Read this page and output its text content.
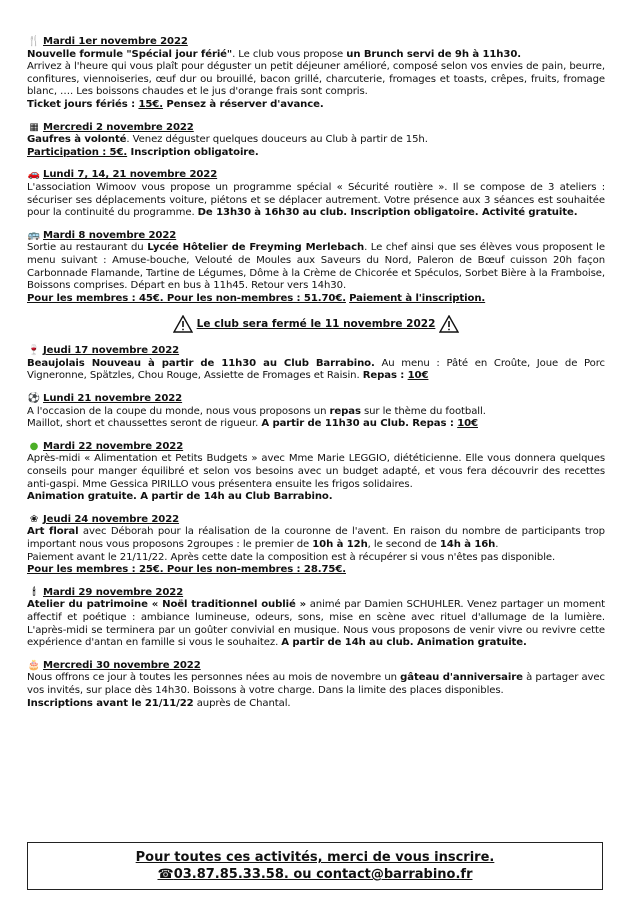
🍴 Mardi 1er novembre 2022
Nouvelle formule "Spécial jour férié". Le club vous propose un Brunch servi de 9h à 11h30.
Arrivez à l'heure qui vous plaît pour déguster un petit déjeuner amélioré, composé selon vos envies de pain, beurre, confitures, viennoiseries, œuf dur ou brouillé, bacon grillé, charcuterie, fromages et toasts, crêpes, fruits, fromage blanc, …. Les boissons chaudes et le jus d'orange frais sont compris.
Ticket jours fériés : 15€. Pensez à réserver d'avance.
▦ Mercredi 2 novembre 2022
Gaufres à volonté. Venez déguster quelques douceurs au Club à partir de 15h.
Participation : 5€. Inscription obligatoire.
🚗 Lundi 7, 14, 21 novembre 2022
L'association Wimoov vous propose un programme spécial « Sécurité routière ». Il se compose de 3 ateliers : sécuriser ses déplacements voiture, piétons et se déplacer autrement. Votre présence aux 3 séances est souhaitée pour la continuité du programme. De 13h30 à 16h30 au club. Inscription obligatoire. Activité gratuite.
🚌 Mardi 8 novembre 2022
Sortie au restaurant du Lycée Hôtelier de Freyming Merlebach. Le chef ainsi que ses élèves vous proposent le menu suivant : Amuse-bouche, Velouté de Moules aux Saveurs du Nord, Paleron de Bœuf cuisson 20h façon Carbonnade Flamande, Tartine de Légumes, Dôme à la Crème de Chicorée et Spéculos, Sorbet Bière à la Framboise, Boissons comprises. Départ en bus à 11h45. Retour vers 14h30.
Pour les membres : 45€. Pour les non-membres : 51.70€. Paiement à l'inscription.
Le club sera fermé le 11 novembre 2022
🍷 Jeudi 17 novembre 2022
Beaujolais Nouveau à partir de 11h30 au Club Barrabino. Au menu : Pâté en Croûte, Joue de Porc Vigneronne, Spätzles, Chou Rouge, Assiette de Fromages et Raisin. Repas : 10€
⚽ Lundi 21 novembre 2022
A l'occasion de la coupe du monde, nous vous proposons un repas sur le thème du football.
Maillot, short et chaussettes seront de rigueur. A partir de 11h30 au Club. Repas : 10€
● Mardi 22 novembre 2022
Après-midi « Alimentation et Petits Budgets » avec Mme Marie LEGGIO, diététicienne. Elle vous donnera quelques conseils pour manger équilibré et selon vos besoins avec un budget adapté, et vous fera découvrir des recettes anti-gaspi. Mme Gessica PIRILLO vous présentera ensuite les frigos solidaires.
Animation gratuite. A partir de 14h au Club Barrabino.
❀ Jeudi 24 novembre 2022
Art floral avec Déborah pour la réalisation de la couronne de l'avent. En raison du nombre de participants trop important nous vous proposons 2groupes : le premier de 10h à 12h, le second de 14h à 16h.
Paiement avant le 21/11/22. Après cette date la composition est à récupérer si vous n'êtes pas disponible.
Pour les membres : 25€. Pour les non-membres : 28.75€.
🕯 Mardi 29 novembre 2022
Atelier du patrimoine « Noël traditionnel oublié » animé par Damien SCHUHLER. Venez partager un moment affectif et poétique : ambiance lumineuse, odeurs, sons, mise en scène avec rituel d'allumage de la lumière. L'après-midi se terminera par un goûter convivial en musique. Nous vous proposons de venir vivre ou revivre cette expérience d'antan en famille si vous le souhaitez. A partir de 14h au club. Animation gratuite.
🎂 Mercredi 30 novembre 2022
Nous offrons ce jour à toutes les personnes nées au mois de novembre un gâteau d'anniversaire à partager avec vos invités, sur place dès 14h30. Boissons à votre charge. Dans la limite des places disponibles.
Inscriptions avant le 21/11/22 auprès de Chantal.
Pour toutes ces activités, merci de vous inscrire.
☎03.87.85.33.58. ou contact@barrabino.fr
